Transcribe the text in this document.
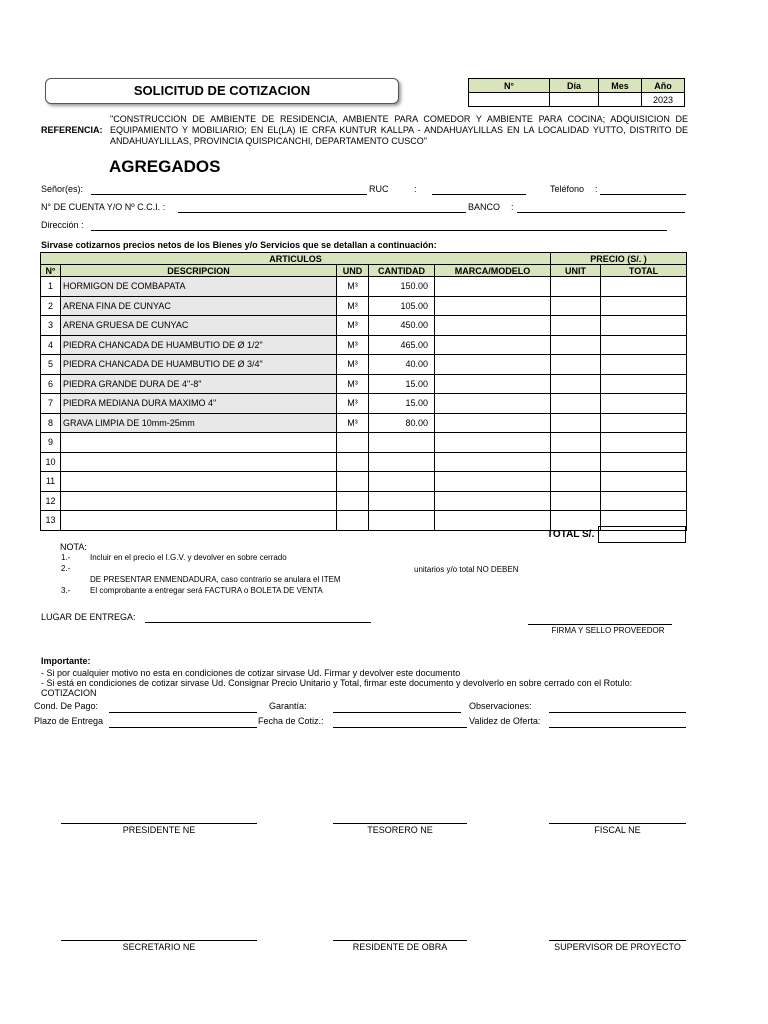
SOLICITUD DE COTIZACION	N°	Día	Mes	Año
			2023
REFERENCIA:
"CONSTRUCCION DE AMBIENTE DE RESIDENCIA, AMBIENTE PARA COMEDOR Y AMBIENTE PARA COCINA; ADQUISICION DE EQUIPAMIENTO Y MOBILIARIO; EN EL(LA) IE CRFA KUNTUR KALLPA - ANDAHUAYLILLAS EN LA LOCALIDAD YUTTO, DISTRITO DE ANDAHUAYLILLAS, PROVINCIA QUISPICANCHI, DEPARTAMENTO CUSCO"
AGREGADOS
Señor(es):	RUC	:	Teléfono :
N° DE CUENTA Y/O Nº C.C.I. :	BANCO :
Dirección :
Sirvase cotizarnos precios netos de los Bienes y/o Servicios que se detallan a continuación:
ARTICULOS					PRECIO (S/. )	
N°	DESCRIPCION	UND	CANTIDAD	MARCA/MODELO	UNIT	TOTAL
1	HORMIGON DE COMBAPATA	M³	150.00			
2	ARENA FINA DE CUNYAC	M³	105.00			
3	ARENA GRUESA DE CUNYAC	M³	450.00			
4	PIEDRA CHANCADA DE HUAMBUTIO DE Ø 1/2"	M³	465.00			
5	PIEDRA CHANCADA DE HUAMBUTIO DE Ø 3/4"	M³	40.00			
6	PIEDRA GRANDE DURA DE 4"-8"	M³	15.00			
7	PIEDRA MEDIANA DURA MAXIMO 4"	M³	15.00			
8	GRAVA LIMPIA DE 10mm-25mm	M³	80.00			
9						
10						
11						
12						
13						
TOTAL S/.
NOTA:
1.- Incluir en el precio el I.G.V. y devolver en sobre cerrado
2.-	unitarios y/o total NO DEBEN
DE PRESENTAR ENMENDADURA, caso contrario se anulara el ITEM
3.- El comprobante a entregar será FACTURA o BOLETA DE VENTA
LUGAR DE ENTREGA:
FIRMA Y SELLO PROVEEDOR
Importante:
- Si por cualquier motivo no esta en condiciones de cotizar sirvase Ud. Firmar y devolver este documento
- Si está en condiciones de cotizar sirvase Ud. Consignar Precio Unitario y Total, firmar este documento y devolverlo en sobre cerrado con el Rotulo:
COTIZACION
Cond. De Pago:	Garantía:	Observaciones:
Plazo de Entrega	Fecha de Cotiz.:	Validez de Oferta:
PRESIDENTE NE	TESORERO NE	FISCAL NE
SECRETARIO NE	RESIDENTE DE OBRA	SUPERVISOR DE PROYECTO
